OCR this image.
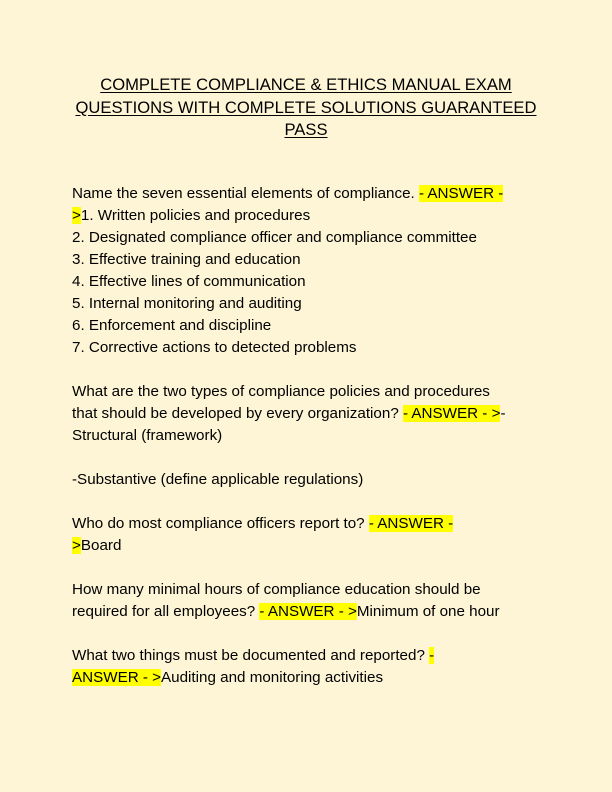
COMPLETE COMPLIANCE & ETHICS MANUAL EXAM
QUESTIONS WITH COMPLETE SOLUTIONS GUARANTEED
PASS

Name the seven essential elements of compliance. - ANSWER -
>1. Written policies and procedures
2. Designated compliance officer and compliance committee
3. Effective training and education
4. Effective lines of communication
5. Internal monitoring and auditing
6. Enforcement and discipline
7. Corrective actions to detected problems

What are the two types of compliance policies and procedures
that should be developed by every organization? - ANSWER - >-
Structural (framework)

-Substantive (define applicable regulations)

Who do most compliance officers report to? - ANSWER -
>Board

How many minimal hours of compliance education should be
required for all employees? - ANSWER - >Minimum of one hour

What two things must be documented and reported? -
ANSWER - >Auditing and monitoring activities
